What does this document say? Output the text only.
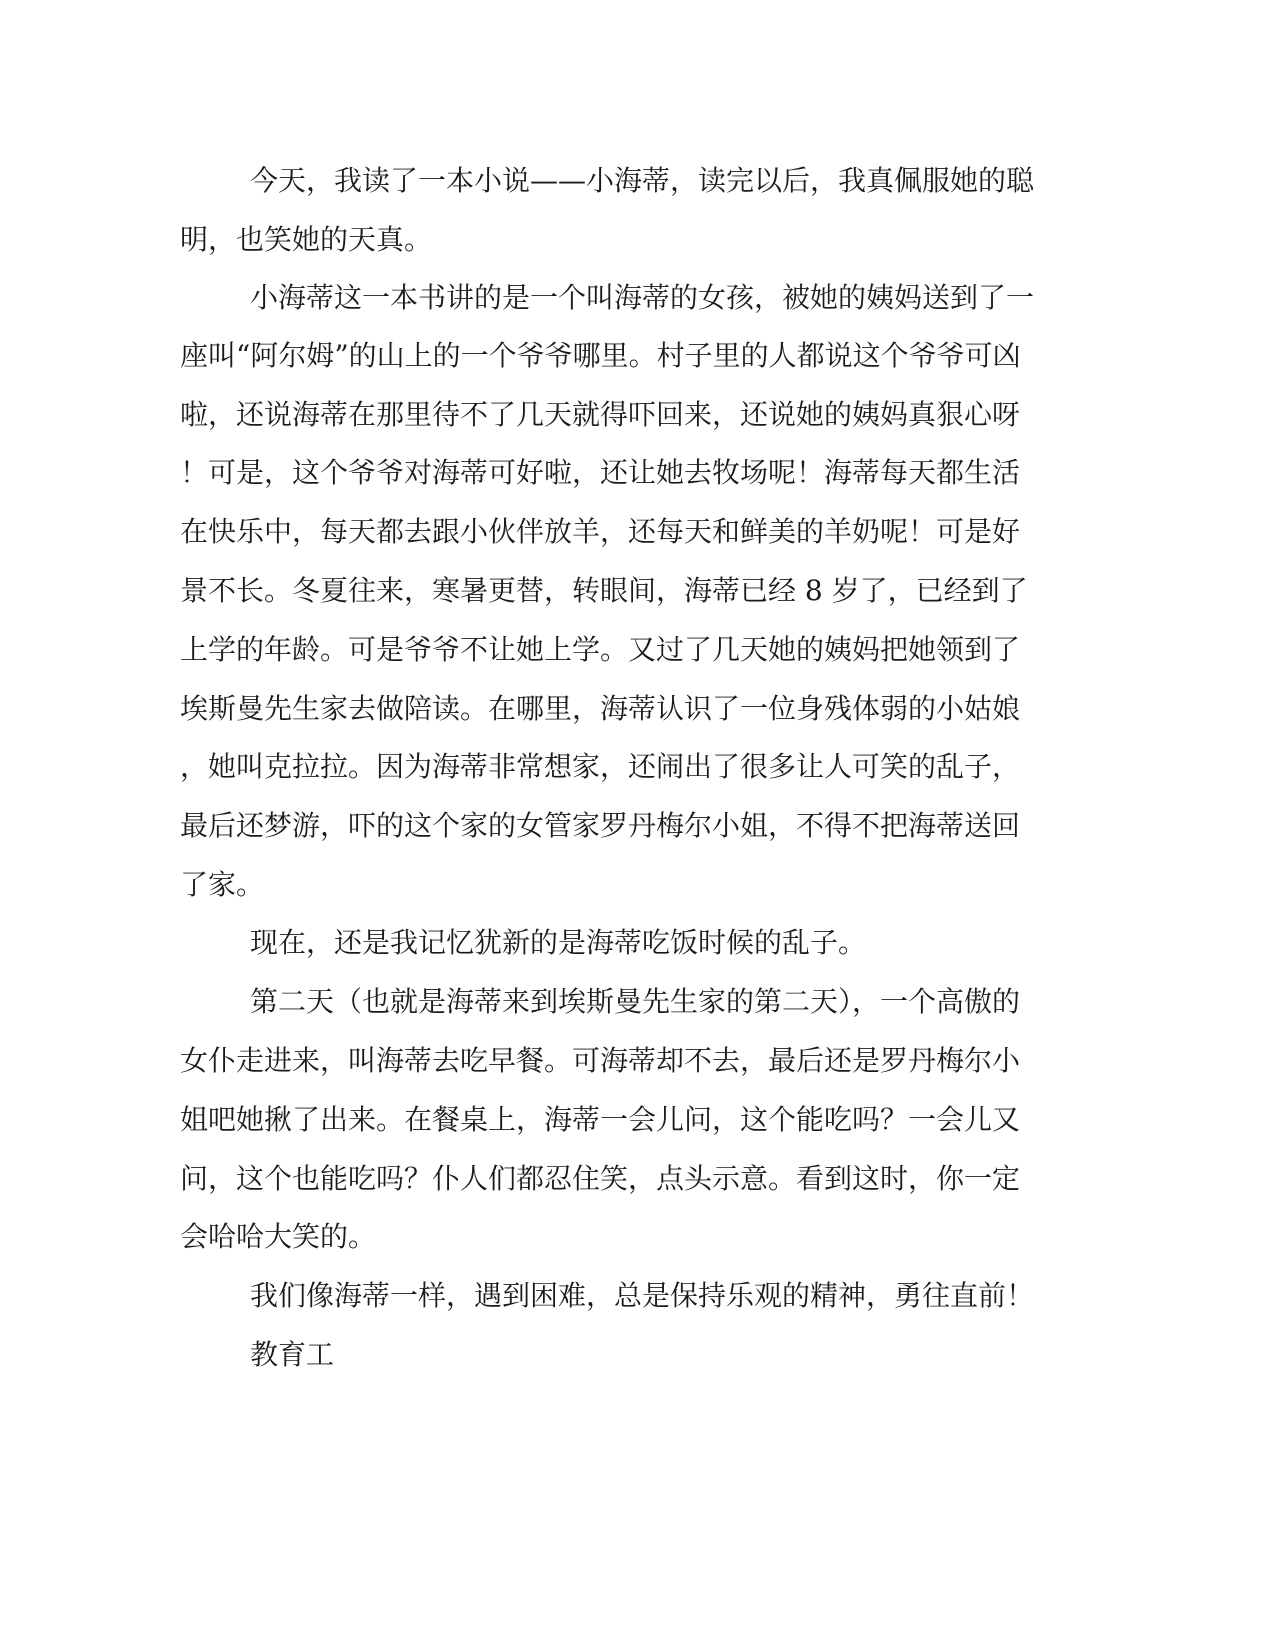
今天，我读了一本小说——小海蒂，读完以后，我真佩服她的聪

明，也笑她的天真。

小海蒂这一本书讲的是一个叫海蒂的女孩，被她的姨妈送到了一

座叫“阿尔姆”的山上的一个爷爷哪里。村子里的人都说这个爷爷可凶

啦，还说海蒂在那里待不了几天就得吓回来，还说她的姨妈真狠心呀

！可是，这个爷爷对海蒂可好啦，还让她去牧场呢！海蒂每天都生活

在快乐中，每天都去跟小伙伴放羊，还每天和鲜美的羊奶呢！可是好

景不长。冬夏往来，寒暑更替，转眼间，海蒂已经 8 岁了，已经到了

上学的年龄。可是爷爷不让她上学。又过了几天她的姨妈把她领到了

埃斯曼先生家去做陪读。在哪里，海蒂认识了一位身残体弱的小姑娘

，她叫克拉拉。因为海蒂非常想家，还闹出了很多让人可笑的乱子，

最后还梦游，吓的这个家的女管家罗丹梅尔小姐，不得不把海蒂送回

了家。

现在，还是我记忆犹新的是海蒂吃饭时候的乱子。

第二天（也就是海蒂来到埃斯曼先生家的第二天），一个高傲的

女仆走进来，叫海蒂去吃早餐。可海蒂却不去，最后还是罗丹梅尔小

姐吧她揪了出来。在餐桌上，海蒂一会儿问，这个能吃吗？一会儿又

问，这个也能吃吗？仆人们都忍住笑，点头示意。看到这时，你一定

会哈哈大笑的。

我们像海蒂一样，遇到困难，总是保持乐观的精神，勇往直前！

教育工
